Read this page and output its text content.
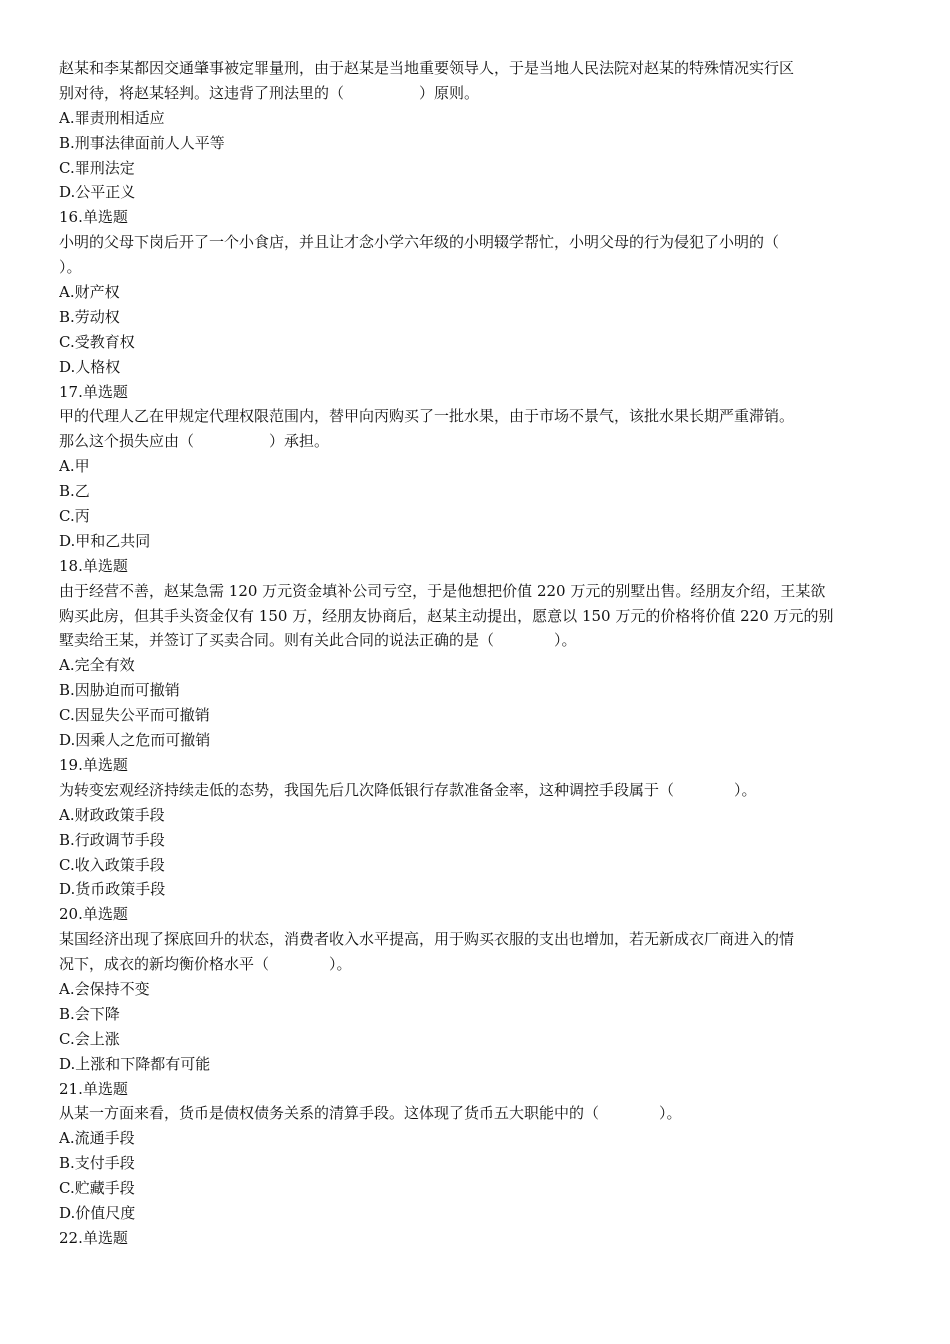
赵某和李某都因交通肇事被定罪量刑，由于赵某是当地重要领导人，于是当地人民法院对赵某的特殊情况实行区
别对待，将赵某轻判。这违背了刑法里的（　　　　　）原则。
A.罪责刑相适应
B.刑事法律面前人人平等
C.罪刑法定
D.公平正义
16.单选题
小明的父母下岗后开了一个小食店，并且让才念小学六年级的小明辍学帮忙，小明父母的行为侵犯了小明的（
）。
A.财产权
B.劳动权
C.受教育权
D.人格权
17.单选题
甲的代理人乙在甲规定代理权限范围内，替甲向丙购买了一批水果，由于市场不景气，该批水果长期严重滞销。
那么这个损失应由（　　　　　）承担。
A.甲
B.乙
C.丙
D.甲和乙共同
18.单选题
由于经营不善，赵某急需 120 万元资金填补公司亏空，于是他想把价值 220 万元的别墅出售。经朋友介绍，王某欲
购买此房，但其手头资金仅有 150 万，经朋友协商后，赵某主动提出，愿意以 150 万元的价格将价值 220 万元的别
墅卖给王某，并签订了买卖合同。则有关此合同的说法正确的是（　　　　）。
A.完全有效
B.因胁迫而可撤销
C.因显失公平而可撤销
D.因乘人之危而可撤销
19.单选题
为转变宏观经济持续走低的态势，我国先后几次降低银行存款准备金率，这种调控手段属于（　　　　）。
A.财政政策手段
B.行政调节手段
C.收入政策手段
D.货币政策手段
20.单选题
某国经济出现了探底回升的状态，消费者收入水平提高，用于购买衣服的支出也增加，若无新成衣厂商进入的情
况下，成衣的新均衡价格水平（　　　　）。
A.会保持不变
B.会下降
C.会上涨
D.上涨和下降都有可能
21.单选题
从某一方面来看，货币是债权债务关系的清算手段。这体现了货币五大职能中的（　　　　）。
A.流通手段
B.支付手段
C.贮藏手段
D.价值尺度
22.单选题
